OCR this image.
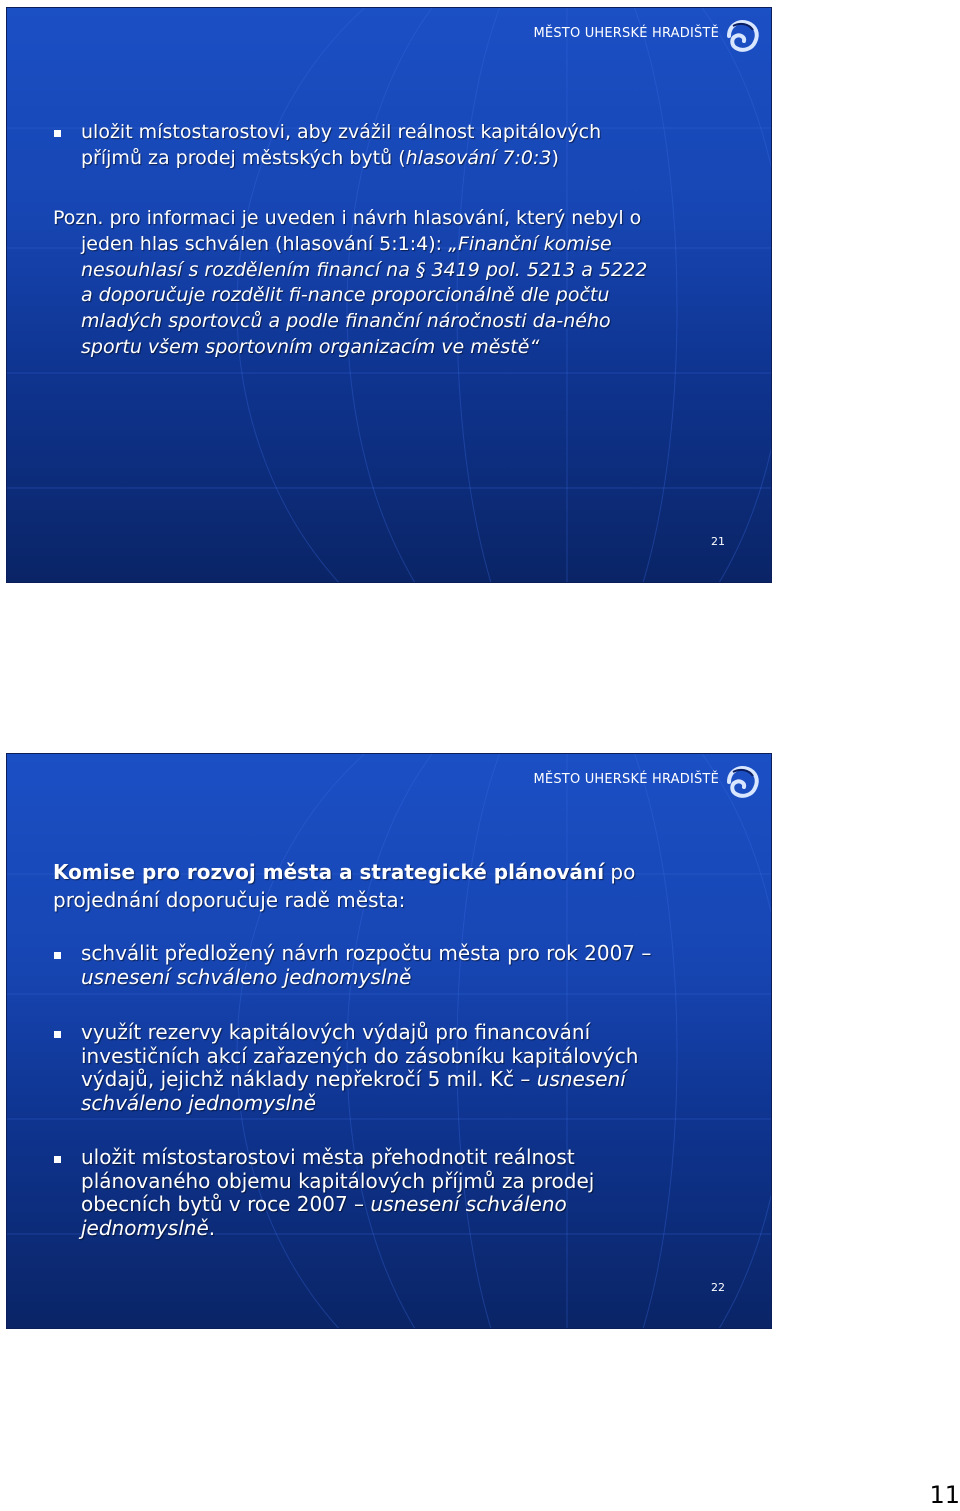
MĚSTO UHERSKÉ HRADIŠTĚ
uložit místostarostovi, aby zvážil reálnost kapitálových
příjmů za prodej městských bytů (hlasování 7:0:3)
Pozn. pro informaci je uveden i návrh hlasování, který nebyl o
jeden hlas schválen (hlasování 5:1:4): „Finanční komise
nesouhlasí s rozdělením financí na § 3419 pol. 5213 a 5222
a doporučuje rozdělit fi-nance proporcionálně dle počtu
mladých sportovců a podle finanční náročnosti da-ného
sportu všem sportovním organizacím ve městě“
21
MĚSTO UHERSKÉ HRADIŠTĚ
Komise pro rozvoj města a strategické plánování po
projednání doporučuje radě města:
schválit předložený návrh rozpočtu města pro rok 2007 –
usnesení schváleno jednomyslně
využít rezervy kapitálových výdajů pro financování
investičních akcí zařazených do zásobníku kapitálových
výdajů, jejichž náklady nepřekročí 5 mil. Kč – usnesení
schváleno jednomyslně
uložit místostarostovi města přehodnotit reálnost
plánovaného objemu kapitálových příjmů za prodej
obecních bytů v roce 2007 – usnesení schváleno
jednomyslně.
22
11
